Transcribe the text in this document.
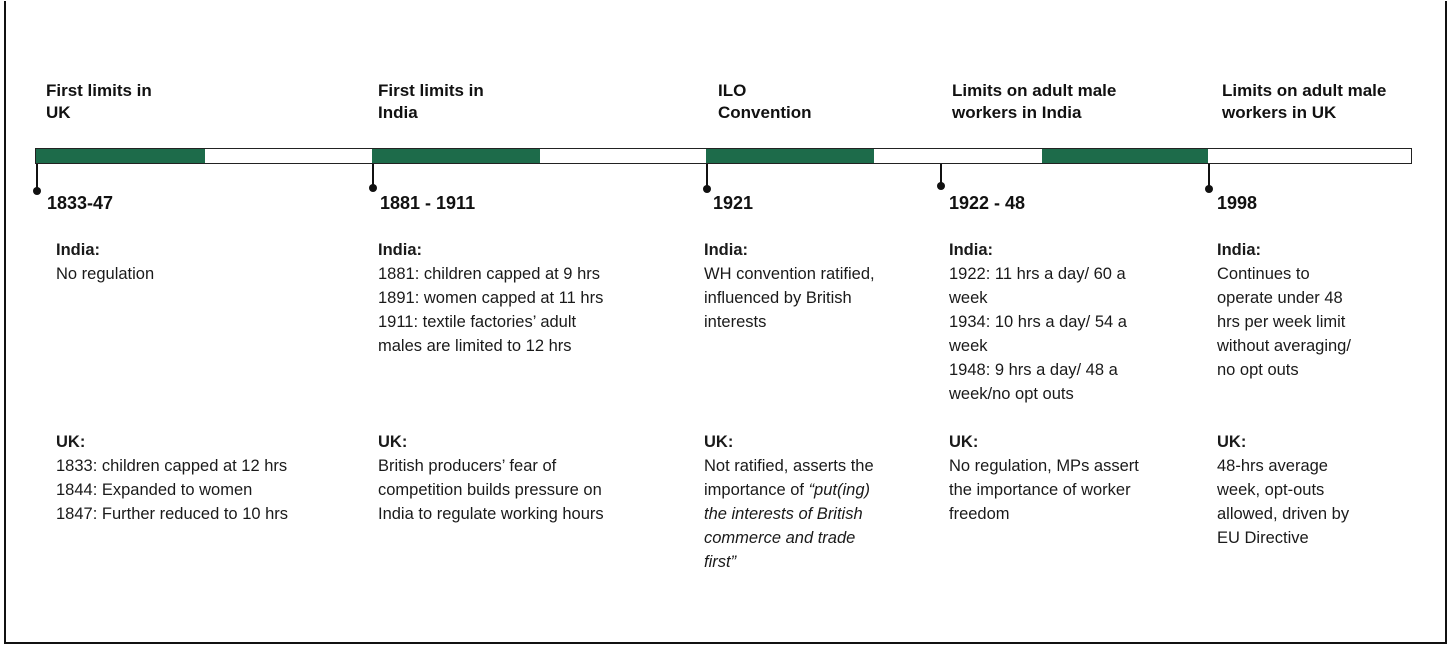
First limits in
UK
First limits in
India
ILO
Convention
Limits on adult male
workers in India
Limits on adult male
workers in UK
1833-47	1881 - 1911	1921	1922 - 48	1998
India:
No regulation
India:
1881: children capped at 9 hrs
1891: women capped at 11 hrs
1911: textile factories’ adult
males are limited to 12 hrs
India:
WH convention ratified,
influenced by British
interests
India:
1922: 11 hrs a day/ 60 a
week
1934: 10 hrs a day/ 54 a
week
1948: 9 hrs a day/ 48 a
week/no opt outs
India:
Continues to
operate under 48
hrs per week limit
without averaging/
no opt outs
UK:
1833: children capped at 12 hrs
1844: Expanded to women
1847: Further reduced to 10 hrs
UK:
British producers’ fear of
competition builds pressure on
India to regulate working hours
UK:
Not ratified, asserts the
importance of “put(ing)
the interests of British
commerce and trade
first”
UK:
No regulation, MPs assert
the importance of worker
freedom
UK:
48-hrs average
week, opt-outs
allowed, driven by
EU Directive
